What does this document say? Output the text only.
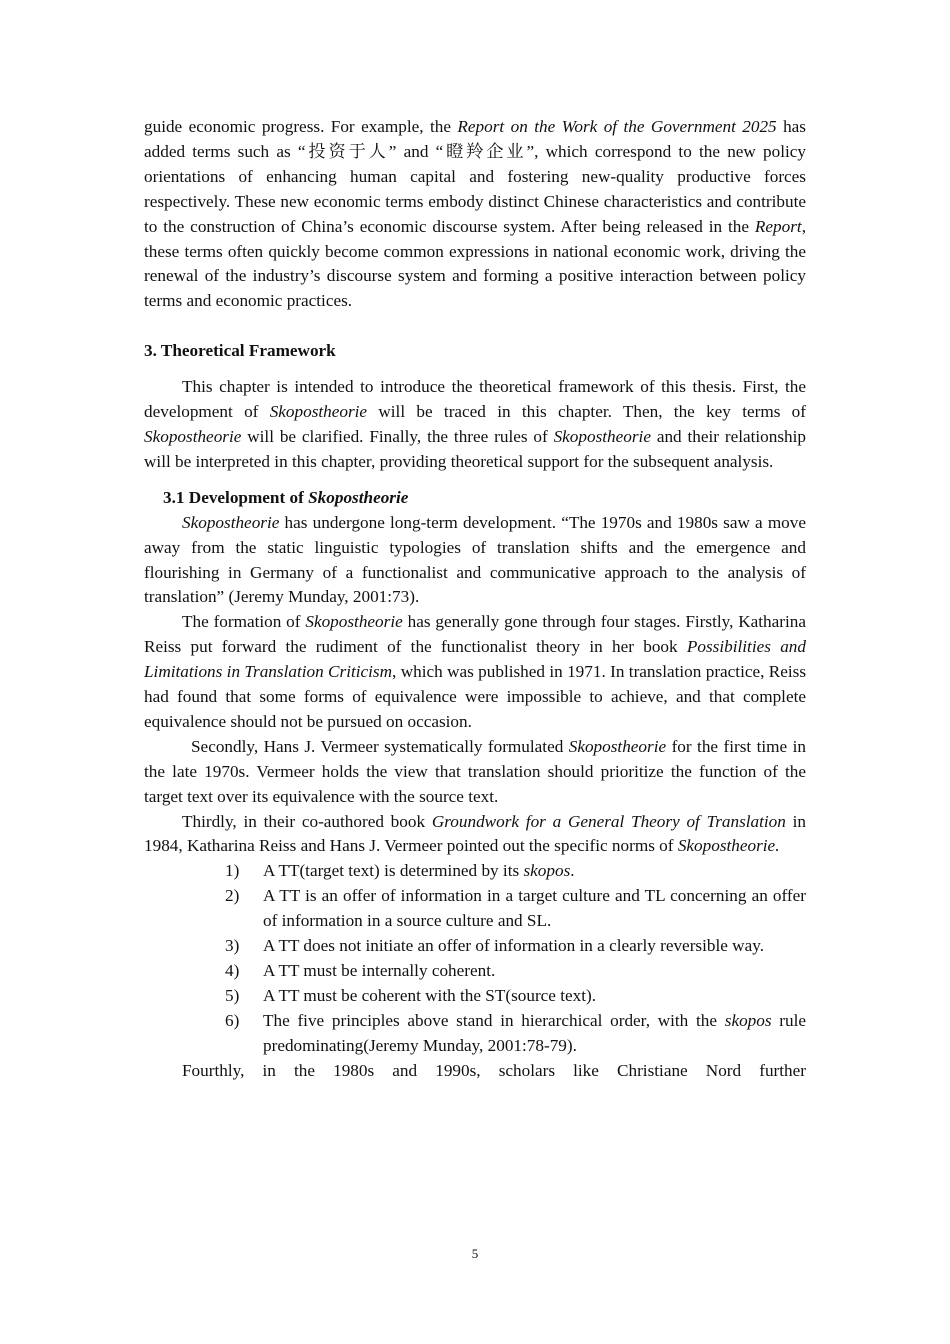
guide economic progress. For example, the Report on the Work of the Government 2025 has added terms such as “投资于人” and “瞪羚企业”, which correspond to the new policy orientations of enhancing human capital and fostering new-quality productive forces respectively. These new economic terms embody distinct Chinese characteristics and contribute to the construction of China’s economic discourse system. After being released in the Report, these terms often quickly become common expressions in national economic work, driving the renewal of the industry’s discourse system and forming a positive interaction between policy terms and economic practices.

3. Theoretical Framework

This chapter is intended to introduce the theoretical framework of this thesis. First, the development of Skopostheorie will be traced in this chapter. Then, the key terms of Skopostheorie will be clarified. Finally, the three rules of Skopostheorie and their relationship will be interpreted in this chapter, providing theoretical support for the subsequent analysis.

3.1 Development of Skopostheorie

Skopostheorie has undergone long-term development. “The 1970s and 1980s saw a move away from the static linguistic typologies of translation shifts and the emergence and flourishing in Germany of a functionalist and communicative approach to the analysis of translation” (Jeremy Munday, 2001:73).

The formation of Skopostheorie has generally gone through four stages. Firstly, Katharina Reiss put forward the rudiment of the functionalist theory in her book Possibilities and Limitations in Translation Criticism, which was published in 1971. In translation practice, Reiss had found that some forms of equivalence were impossible to achieve, and that complete equivalence should not be pursued on occasion.

Secondly, Hans J. Vermeer systematically formulated Skopostheorie for the first time in the late 1970s. Vermeer holds the view that translation should prioritize the function of the target text over its equivalence with the source text.

Thirdly, in their co-authored book Groundwork for a General Theory of Translation in 1984, Katharina Reiss and Hans J. Vermeer pointed out the specific norms of Skopostheorie.

1)	A TT(target text) is determined by its skopos.
2)	A TT is an offer of information in a target culture and TL concerning an offer of information in a source culture and SL.
3)	A TT does not initiate an offer of information in a clearly reversible way.
4)	A TT must be internally coherent.
5)	A TT must be coherent with the ST(source text).
6)	The five principles above stand in hierarchical order, with the skopos rule predominating(Jeremy Munday, 2001:78-79).

Fourthly, in the 1980s and 1990s, scholars like Christiane Nord further

5
